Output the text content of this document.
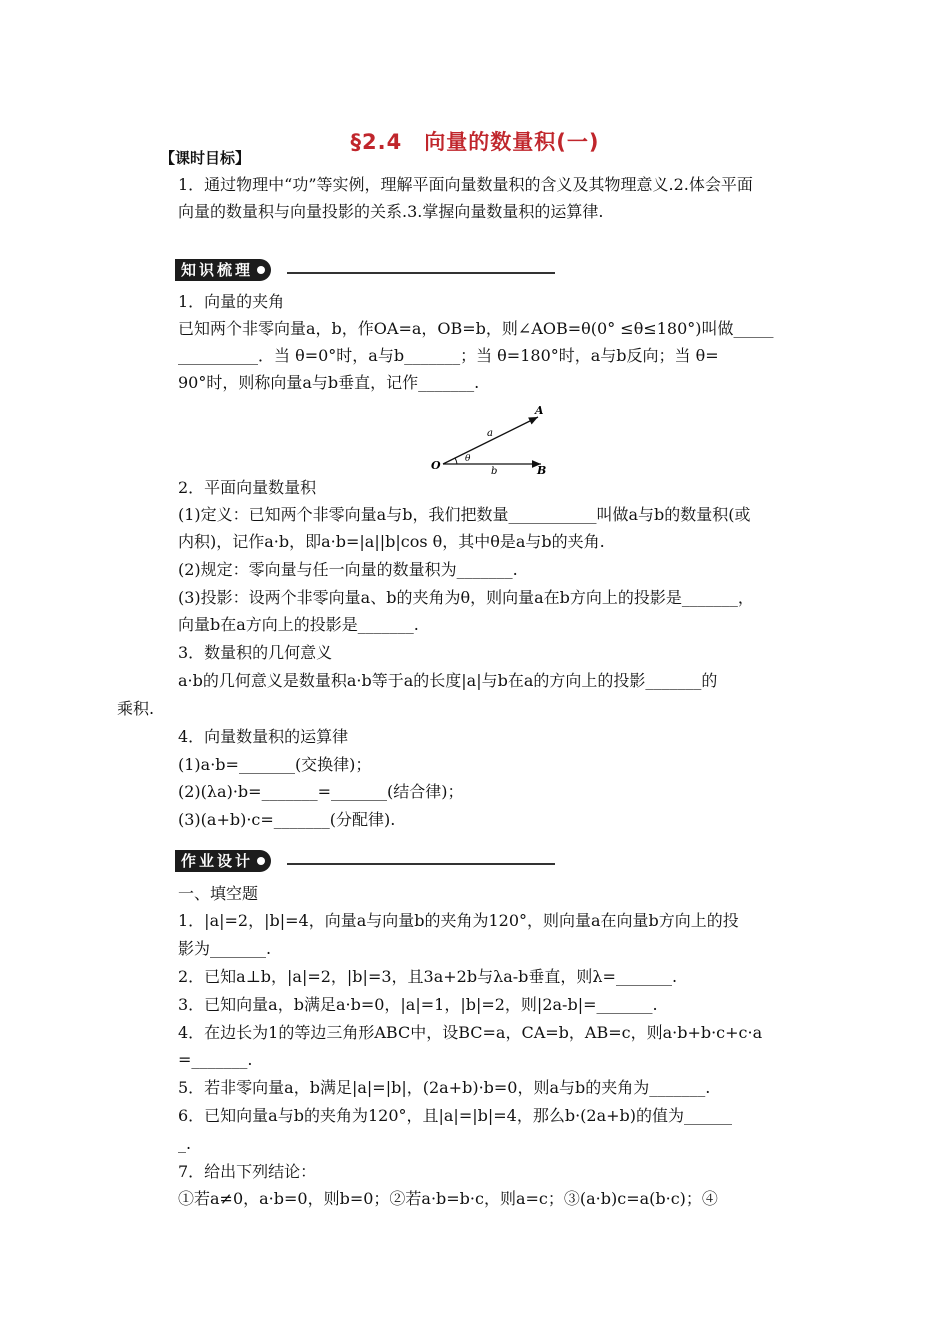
§2.4　向量的数量积(一)
【课时目标】
1．通过物理中“功”等实例，理解平面向量数量积的含义及其物理意义.2.体会平面
向量的数量积与向量投影的关系.3.掌握向量数量积的运算律.
知识梳理
1．向量的夹角
已知两个非零向量a，b，作OA=a，OB=b，则∠AOB=θ(0° ≤θ≤180°)叫做_____
__________．当 θ=0°时，a与b_______；当 θ=180°时，a与b反向；当 θ=
90°时，则称向量a与b垂直，记作_______.
A
B
O
a
b
θ
2．平面向量数量积
(1)定义：已知两个非零向量a与b，我们把数量___________叫做a与b的数量积(或
内积)，记作a·b，即a·b=|a||b|cos θ，其中θ是a与b的夹角.
(2)规定：零向量与任一向量的数量积为_______.
(3)投影：设两个非零向量a、b的夹角为θ，则向量a在b方向上的投影是_______，
向量b在a方向上的投影是_______.
3．数量积的几何意义
a·b的几何意义是数量积a·b等于a的长度|a|与b在a的方向上的投影_______的
乘积.
4．向量数量积的运算律
(1)a·b=_______(交换律)；
(2)(λa)·b=_______=_______(结合律)；
(3)(a+b)·c=_______(分配律).
作业设计
一、填空题
1．|a|=2，|b|=4，向量a与向量b的夹角为120°，则向量a在向量b方向上的投
影为_______.
2．已知a⊥b，|a|=2，|b|=3，且3a+2b与λa-b垂直，则λ=_______.
3．已知向量a，b满足a·b=0，|a|=1，|b|=2，则|2a-b|=_______.
4．在边长为1的等边三角形ABC中，设BC=a，CA=b，AB=c，则a·b+b·c+c·a
=_______.
5．若非零向量a，b满足|a|=|b|，(2a+b)·b=0，则a与b的夹角为_______.
6．已知向量a与b的夹角为120°，且|a|=|b|=4，那么b·(2a+b)的值为______
_.
7．给出下列结论：
①若a≠0，a·b=0，则b=0；②若a·b=b·c，则a=c；③(a·b)c=a(b·c)；④
